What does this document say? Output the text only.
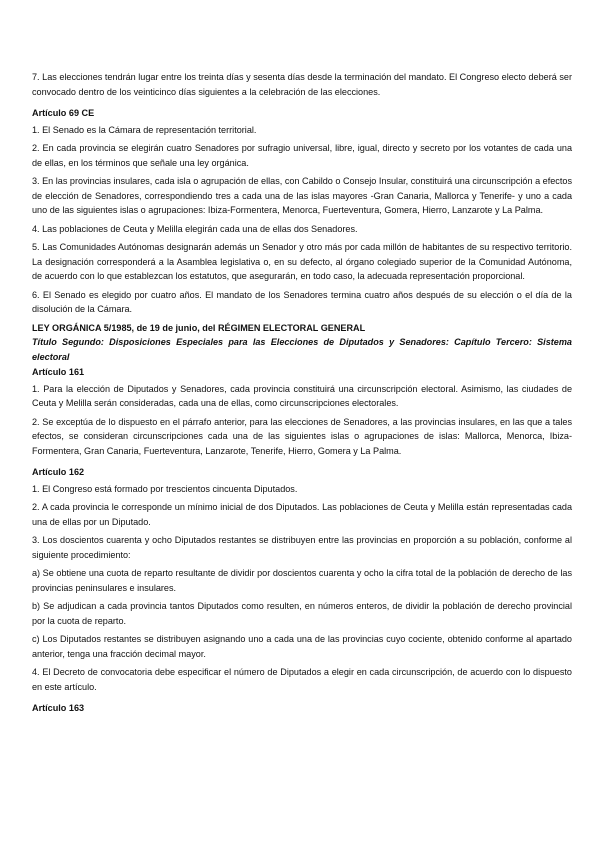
7. Las elecciones tendrán lugar entre los treinta días y sesenta días desde la terminación del mandato. El Congreso electo deberá ser convocado dentro de los veinticinco días siguientes a la celebración de las elecciones.

Artículo 69 CE

1. El Senado es la Cámara de representación territorial.

2. En cada provincia se elegirán cuatro Senadores por sufragio universal, libre, igual, directo y secreto por los votantes de cada una de ellas, en los términos que señale una ley orgánica.

3. En las provincias insulares, cada isla o agrupación de ellas, con Cabildo o Consejo Insular, constituirá una circunscripción a efectos de elección de Senadores, correspondiendo tres a cada una de las islas mayores -Gran Canaria, Mallorca y Tenerife- y uno a cada uno de las siguientes islas o agrupaciones: Ibiza-Formentera, Menorca, Fuerteventura, Gomera, Hierro, Lanzarote y La Palma.

4. Las poblaciones de Ceuta y Melilla elegirán cada una de ellas dos Senadores.

5. Las Comunidades Autónomas designarán además un Senador y otro más por cada millón de habitantes de su respectivo territorio. La designación corresponderá a la Asamblea legislativa o, en su defecto, al órgano colegiado superior de la Comunidad Autónoma, de acuerdo con lo que establezcan los estatutos, que asegurarán, en todo caso, la adecuada representación proporcional.

6. El Senado es elegido por cuatro años. El mandato de los Senadores termina cuatro años después de su elección o el día de la disolución de la Cámara.

LEY ORGÁNICA 5/1985, de 19 de junio, del RÉGIMEN ELECTORAL GENERAL

Título Segundo: Disposiciones Especiales para las Elecciones de Diputados y Senadores: Capítulo Tercero: Sistema electoral

Artículo 161

1. Para la elección de Diputados y Senadores, cada provincia constituirá una circunscripción electoral. Asimismo, las ciudades de Ceuta y Melilla serán consideradas, cada una de ellas, como circunscripciones electorales.

2. Se exceptúa de lo dispuesto en el párrafo anterior, para las elecciones de Senadores, a las provincias insulares, en las que a tales efectos, se consideran circunscripciones cada una de las siguientes islas o agrupaciones de islas: Mallorca, Menorca, Ibiza-Formentera, Gran Canaria, Fuerteventura, Lanzarote, Tenerife, Hierro, Gomera y La Palma.

Artículo 162

1. El Congreso está formado por trescientos cincuenta Diputados.

2. A cada provincia le corresponde un mínimo inicial de dos Diputados. Las poblaciones de Ceuta y Melilla están representadas cada una de ellas por un Diputado.

3. Los doscientos cuarenta y ocho Diputados restantes se distribuyen entre las provincias en proporción a su población, conforme al siguiente procedimiento:

a) Se obtiene una cuota de reparto resultante de dividir por doscientos cuarenta y ocho la cifra total de la población de derecho de las provincias peninsulares e insulares.

b) Se adjudican a cada provincia tantos Diputados como resulten, en números enteros, de dividir la población de derecho provincial por la cuota de reparto.

c) Los Diputados restantes se distribuyen asignando uno a cada una de las provincias cuyo cociente, obtenido conforme al apartado anterior, tenga una fracción decimal mayor.

4. El Decreto de convocatoria debe especificar el número de Diputados a elegir en cada circunscripción, de acuerdo con lo dispuesto en este artículo.

Artículo 163
